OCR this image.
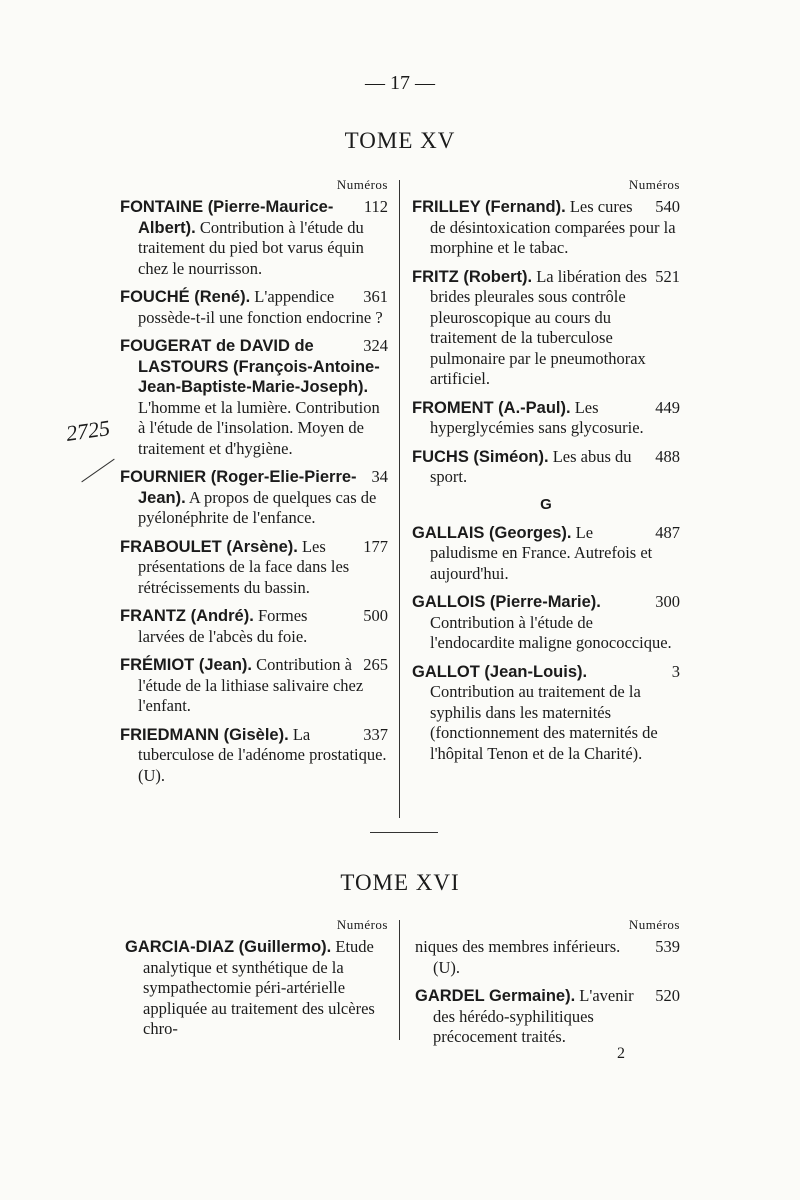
— 17 —
TOME XV
2725
Numéros
112
FONTAINE (Pierre-Maurice-Albert). Contribution à l'étude du traitement du pied bot varus équin chez le nourrisson.
361
FOUCHÉ (René). L'appendice possède-t-il une fonction endocrine ?
324
FOUGERAT de DAVID de LASTOURS (François-Antoine-Jean-Baptiste-Marie-Joseph). L'homme et la lumière. Contribution à l'étude de l'insolation. Moyen de traitement et d'hygiène.
34
FOURNIER (Roger-Elie-Pierre-Jean). A propos de quelques cas de pyélonéphrite de l'enfance.
177
FRABOULET (Arsène). Les présentations de la face dans les rétrécissements du bassin.
500
FRANTZ (André). Formes larvées de l'abcès du foie.
265
FRÉMIOT (Jean). Contribution à l'étude de la lithiase salivaire chez l'enfant.
337
FRIEDMANN (Gisèle). La tuberculose de l'adénome prostatique. (U).
Numéros
540
FRILLEY (Fernand). Les cures de désintoxication comparées pour la morphine et le tabac.
521
FRITZ (Robert). La libération des brides pleurales sous contrôle pleuroscopique au cours du traitement de la tuberculose pulmonaire par le pneumothorax artificiel.
449
FROMENT (A.-Paul). Les hyperglycémies sans glycosurie.
488
FUCHS (Siméon). Les abus du sport.
G
487
GALLAIS (Georges). Le paludisme en France. Autrefois et aujourd'hui.
300
GALLOIS (Pierre-Marie). Contribution à l'étude de l'endocardite maligne gonococcique.
3
GALLOT (Jean-Louis). Contribution au traitement de la syphilis dans les maternités (fonctionnement des maternités de l'hôpital Tenon et de la Charité).
TOME XVI
Numéros
GARCIA-DIAZ (Guillermo). Etude analytique et synthétique de la sympathectomie péri-artérielle appliquée au traitement des ulcères chro-
Numéros
539
niques des membres inférieurs. (U).
520
GARDEL Germaine). L'avenir des hérédo-syphilitiques précocement traités.
2
